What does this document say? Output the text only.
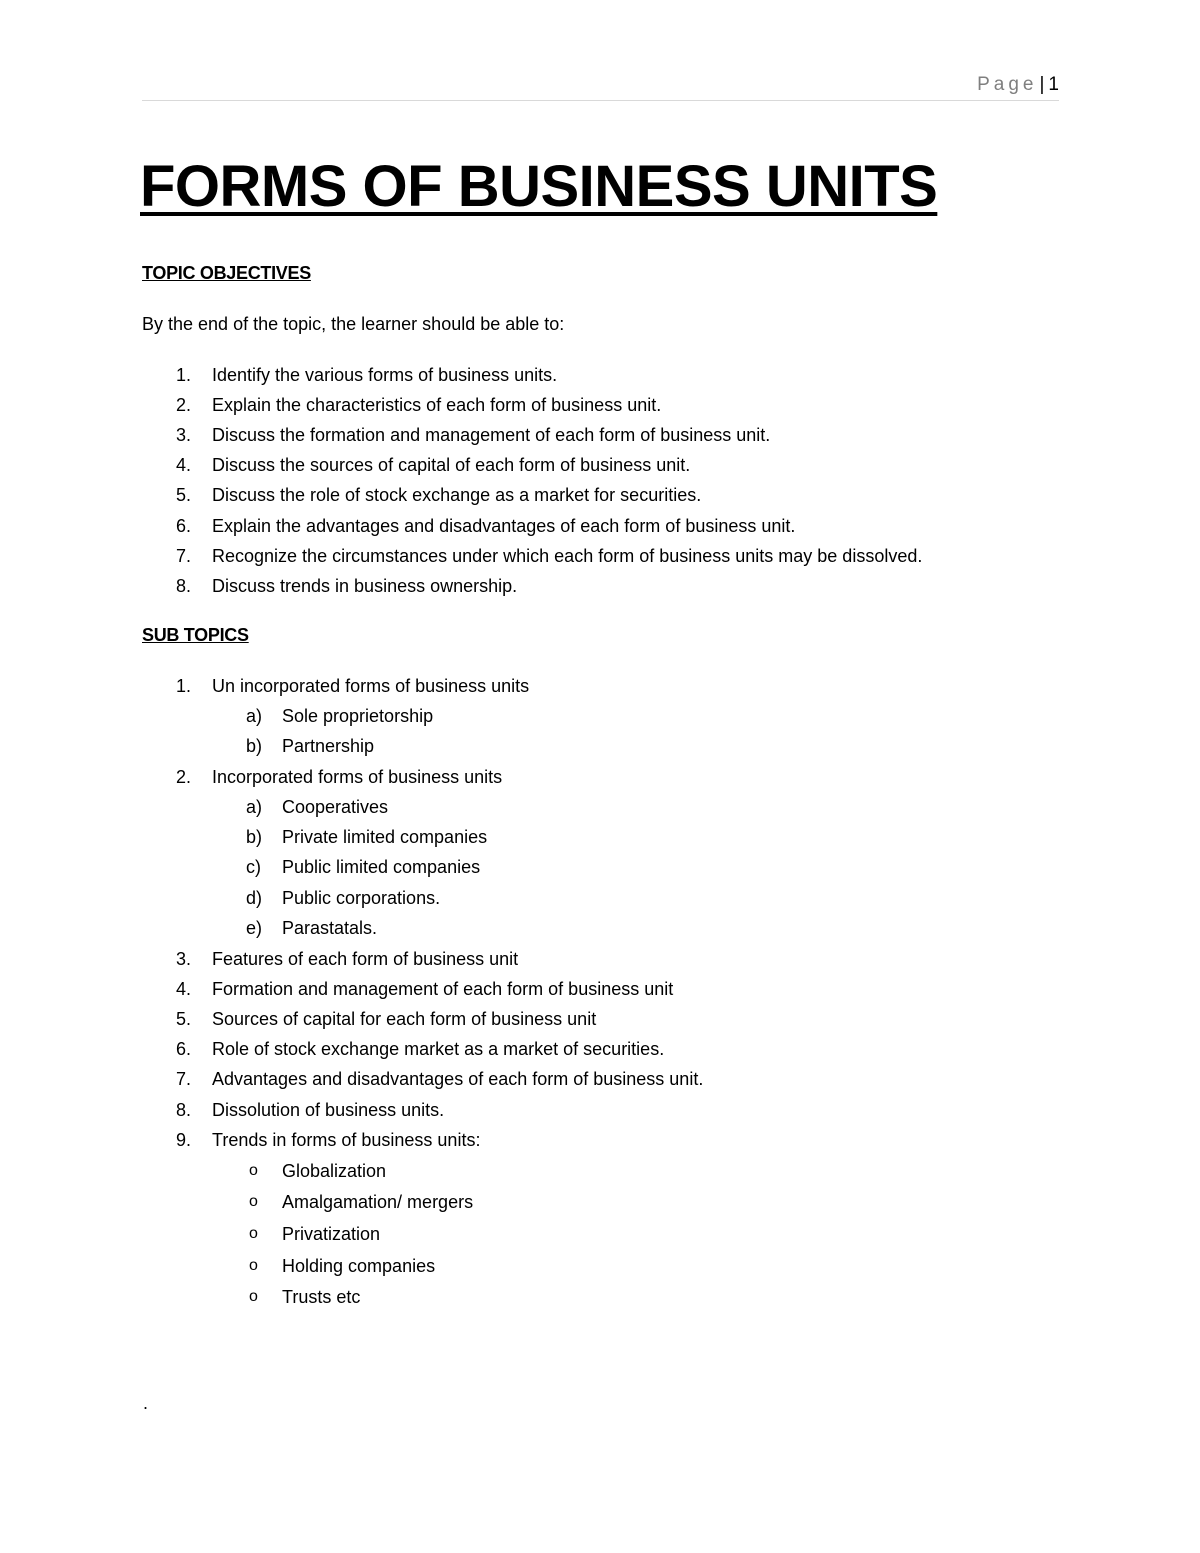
Page | 1
FORMS OF BUSINESS UNITS
TOPIC OBJECTIVES

By the end of the topic, the learner should be able to:

1. Identify the various forms of business units.
2. Explain the characteristics of each form of business unit.
3. Discuss the formation and management of each form of business unit.
4. Discuss the sources of capital of each form of business unit.
5. Discuss the role of stock exchange as a market for securities.
6. Explain the advantages and disadvantages of each form of business unit.
7. Recognize the circumstances under which each form of business units may be dissolved.
8. Discuss trends in business ownership.
SUB TOPICS
1. Un incorporated forms of business units
a) Sole proprietorship
b) Partnership
2. Incorporated forms of business units
a) Cooperatives
b) Private limited companies
c) Public limited companies
d) Public corporations.
e) Parastatals.
3. Features of each form of business unit
4. Formation and management of each form of business unit
5. Sources of capital for each form of business unit
6. Role of stock exchange market as a market of securities.
7. Advantages and disadvantages of each form of business unit.
8. Dissolution of business units.
9. Trends in forms of business units:
o Globalization
o Amalgamation/ mergers
o Privatization
o Holding companies
o Trusts etc
.
